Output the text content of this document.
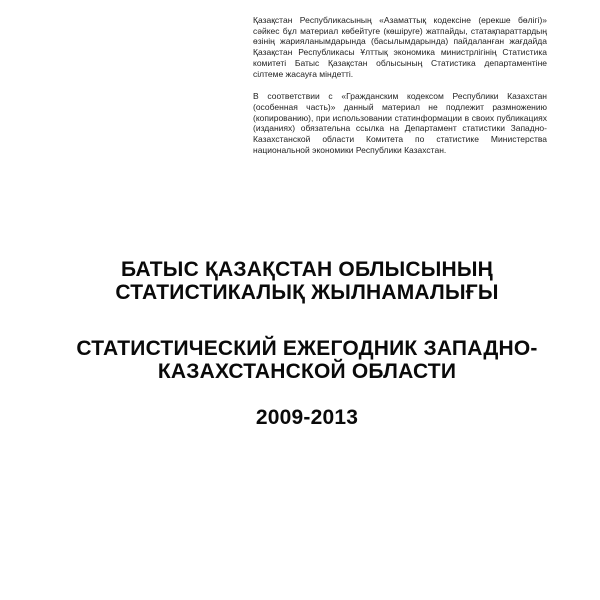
Қазақстан Республикасының «Азаматтық кодексіне (ерекше бөлігі)» сәйкес бұл материал көбейтуге (көшіруге) жатпайды, статақпараттардың өзінің жарияланымдарында (басылымдарында) пайдаланған жағдайда Қазақстан Республикасы Ұлттық экономика министрлігінің Статистика комитеті Батыс Қазақстан облысының Статистика департаментіне сілтеме жасауға міндетті.

В соответствии с «Гражданским кодексом Республики Казахстан (особенная часть)» данный материал не подлежит размножению (копированию), при использовании статинформации в своих публикациях (изданиях) обязательна ссылка на Департамент статистики Западно-Казахстанской области Комитета по статистике Министерства национальной экономики Республики Казахстан.

БАТЫС ҚАЗАҚСТАН ОБЛЫСЫНЫҢ СТАТИСТИКАЛЫҚ ЖЫЛНАМАЛЫҒЫ
СТАТИСТИЧЕСКИЙ ЕЖЕГОДНИК ЗАПАДНО-КАЗАХСТАНСКОЙ ОБЛАСТИ
2009-2013
